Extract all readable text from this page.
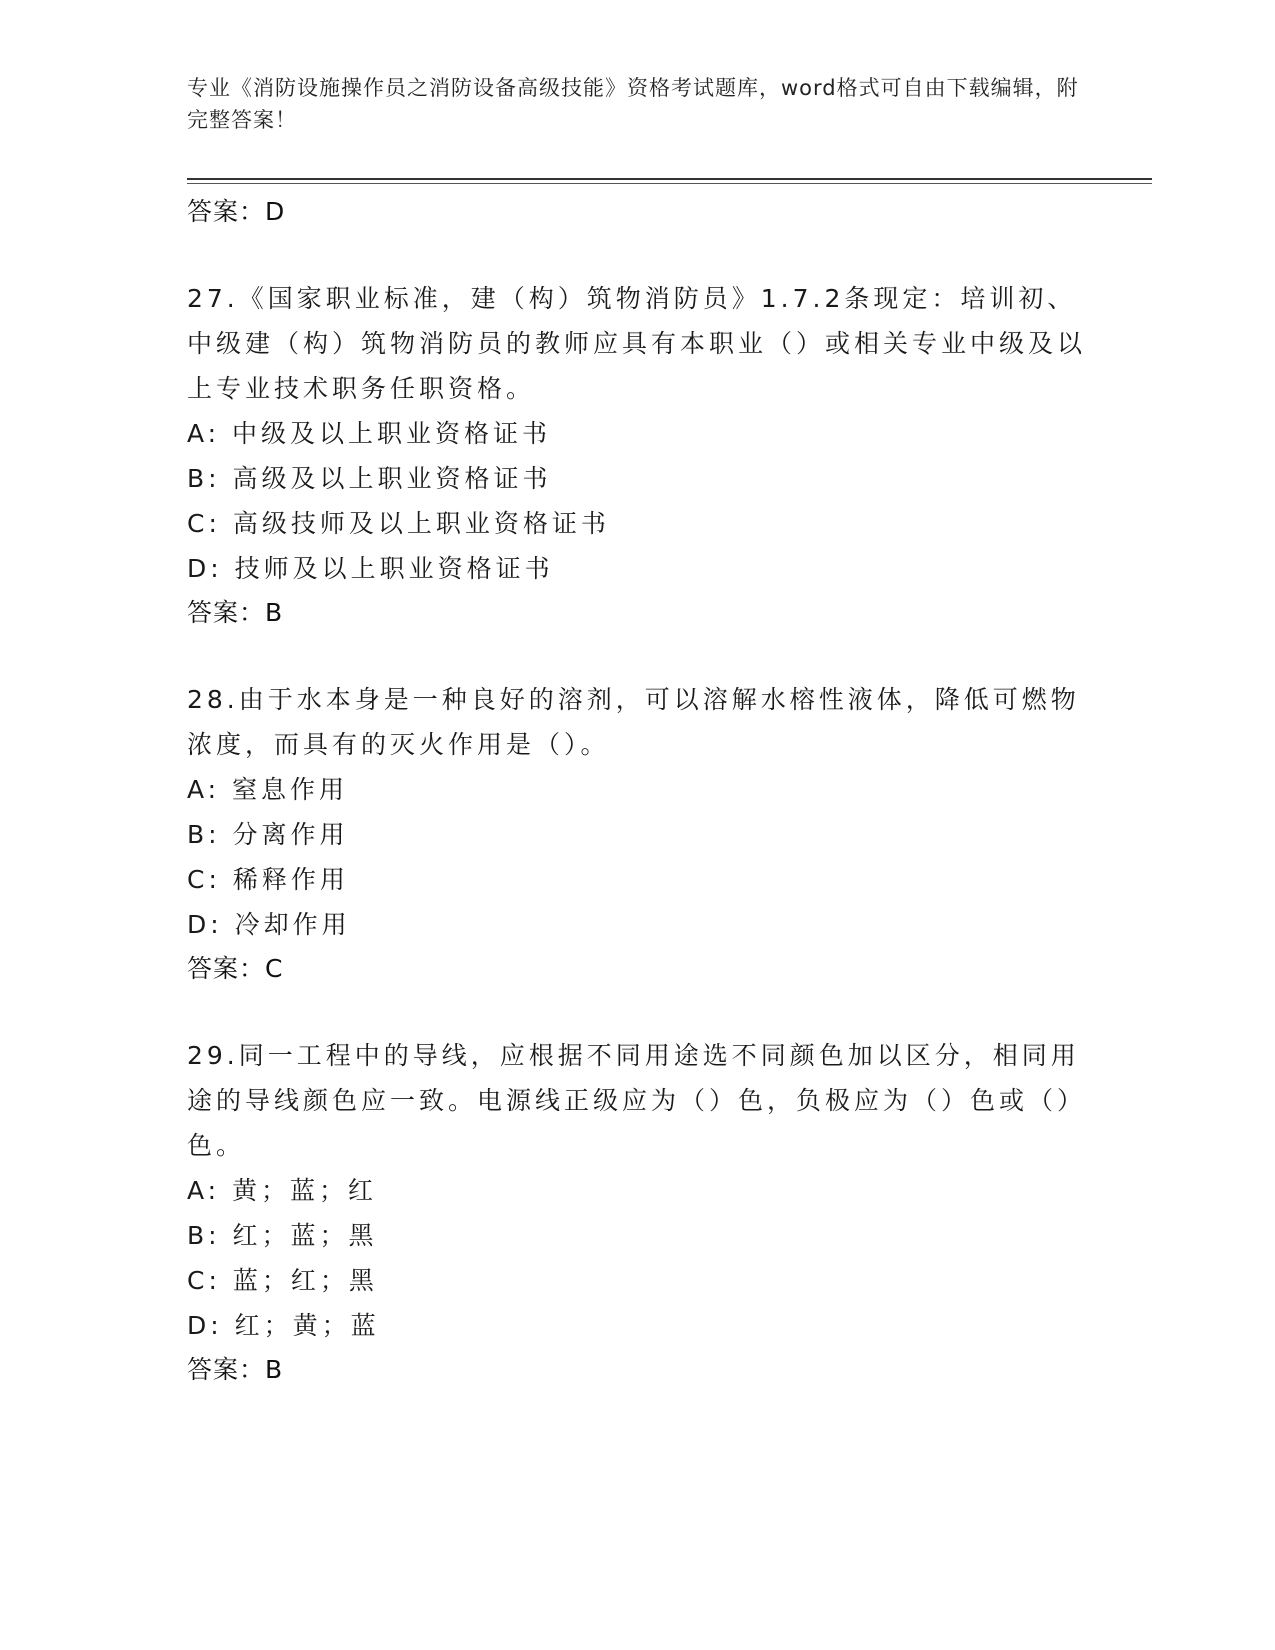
专业《消防设施操作员之消防设备高级技能》资格考试题库，word格式可自由下载编辑，附完整答案！
答案：D
27.《国家职业标准，建（构）筑物消防员》1.7.2条现定：培训初、中级建（构）筑物消防员的教师应具有本职业（）或相关专业中级及以上专业技术职务任职资格。
A: 中级及以上职业资格证书
B: 高级及以上职业资格证书
C: 高级技师及以上职业资格证书
D: 技师及以上职业资格证书
答案：B
28.由于水本身是一种良好的溶剂，可以溶解水榕性液体，降低可燃物浓度，而具有的灭火作用是（）。
A: 窒息作用
B: 分离作用
C: 稀释作用
D: 冷却作用
答案：C
29.同一工程中的导线，应根据不同用途选不同颜色加以区分，相同用途的导线颜色应一致。电源线正级应为（）色，负极应为（）色或（）色。
A: 黄；蓝；红
B: 红；蓝；黑
C: 蓝；红；黑
D: 红；黄；蓝
答案：B
